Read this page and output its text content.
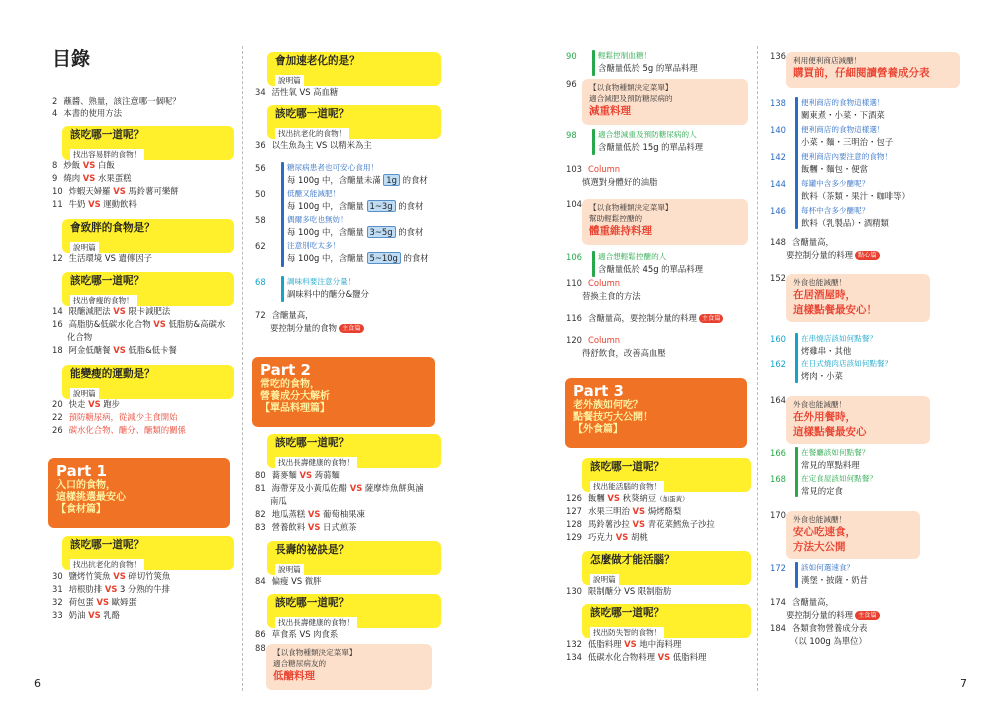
目錄
6	7
2 蘸醬、熟量，該注意哪一個呢？
4 本書的使用方法
該吃哪一道呢？
找出容易胖的食物！
8 炒飯 VS 白飯
9 燒肉 VS 水果蛋糕
10 炸蝦天婦羅 VS 馬鈴薯可樂餅
11 牛奶 VS 運動飲料
會致胖的食物是？
說明篇
12 生活環境 VS 遺傳因子
該吃哪一道呢？
找出會瘦的食物！
14 限醣減肥法 VS 限卡減肥法
16 高脂肪&低碳水化合物 VS 低脂肪&高碳水
化合物
18 阿金低醣餐 VS 低脂&低卡餐
能變瘦的運動是？
說明篇
20 快走 VS 跑步
22 預防糖尿病，從減少主食開始
26 碳水化合物、醣分、醣類的關係
Part 1
入口的食物，
這樣挑選最安心
【食材篇】
該吃哪一道呢？
找出抗老化的食物！
30 鹽烤竹筴魚 VS 碎切竹筴魚
31 培根肋排 VS 3 分熟的牛排
32 荷包蛋 VS 歐姆蛋
33 奶油 VS 乳酪
會加速老化的是？
說明篇
34 活性氧 VS 高血糖
該吃哪一道呢？
找出抗老化的食物！
36 以生魚為主 VS 以精米為主
56	糖尿病患者也可安心食用！
每 100g 中，含醣量未滿 1g 的食材
50	低醣又能減肥！
每 100g 中，含醣量 1~3g 的食材
58	偶爾多吃也無妨！
每 100g 中，含醣量 3~5g 的食材
62	注意別吃太多！
每 100g 中，含醣量 5~10g 的食材
68	調味料要注意分量！
調味料中的醣分&鹽分
72 含醣量高，
要控制分量的食物 主食篇
Part 2
常吃的食物，
營養成分大解析
【單品料理篇】
該吃哪一道呢？
找出長壽健康的食物！
80 蕎麥麵 VS 蒟蒻麵
81 海帶芽及小黃瓜佐醋 VS 薩摩炸魚餅與滷
南瓜
82 地瓜蒸糕 VS 葡萄柚果凍
83 營養飲料 VS 日式煎茶
長壽的祕訣是？
說明篇
84 偏瘦 VS 微胖
該吃哪一道呢？
找出長壽健康的食物！
86 草食系 VS 肉食系
88 【以食物種類決定菜單】
適合糖尿病友的
低醣料理
90	輕鬆控制血糖！
含醣量低於 5g 的單品料理
96	【以食物種類決定菜單】
適合減肥及預防糖尿病的
減重料理
98	適合想減重及預防糖尿病的人
含醣量低於 15g 的單品料理
103 Column
慎選對身體好的油脂
104 【以食物種類決定菜單】
幫助輕鬆控醣的
體重維持料理
106	適合想輕鬆控醣的人
含醣量低於 45g 的單品料理
110 Column
替換主食的方法
116 含醣量高，要控制分量的料理 主食篇
120 Column
得舒飲食，改善高血壓
Part 3
老外族如何吃？
點餐技巧大公開！
【外食篇】
該吃哪一道呢？
找出能活腦的食物！
126 飯糰 VS 秋葵納豆（加蛋黃）
127 水果三明治 VS 焗烤酪梨
128 馬鈴薯沙拉 VS 青花菜鱈魚子沙拉
129 巧克力 VS 胡桃
怎麼做才能活腦？
說明篇
130 限制醣分 VS 限制脂肪
該吃哪一道呢？
找出防失智的食物！
132 低脂料理 VS 地中海料理
134 低碳水化合物料理 VS 低脂料理
136 利用便利商店減醣！
購買前，仔細閱讀營養成分表
138	便利商店的食物這樣選！
關東煮・小菜・下酒菜
140	便利商店的食物這樣選！
小菜・麵・三明治・包子
142	便利商店內要注意的食物！
飯糰・麵包・便當
144	每罐中含多少醣呢？
飲料（茶類・果汁・咖啡等）
146	每杯中含多少醣呢？
飲料（乳製品）・酒精類
148 含醣量高，
要控制分量的料理 點心篇
152 外食也能減醣！
在居酒屋時，
這樣點餐最安心！
160	在串燒店該如何點餐？
烤雞串・其他
162	在日式燒肉店該如何點餐？
烤肉・小菜
164 外食也能減醣！
在外用餐時，
這樣點餐最安心
166	在餐廳該如何點餐？
常見的單點料理
168	在定食屋該如何點餐？
常見的定食
170 外食也能減醣！
安心吃速食，
方法大公開
172	該如何選速食？
漢堡・披薩・奶昔
174 含醣量高，
要控制分量的料理 主食篇
184 各類食物營養成分表
（以 100g 為單位）
